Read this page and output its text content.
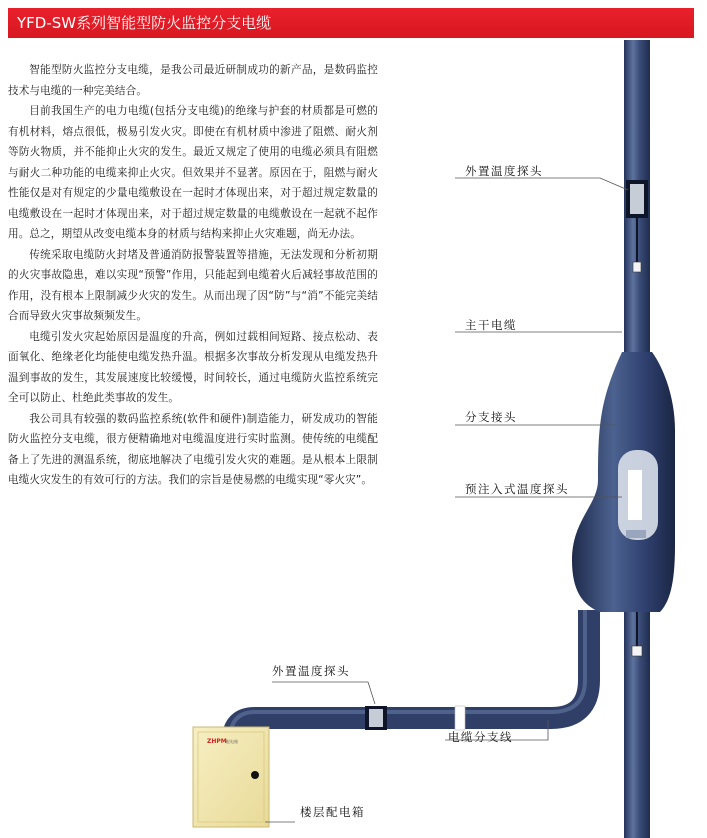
YFD-SW系列智能型防火监控分支电缆

智能型防火监控分支电缆，是我公司最近研制成功的新产品，是数码监控技术与电缆的一种完美结合。

目前我国生产的电力电缆(包括分支电缆)的绝缘与护套的材质都是可燃的有机材料，熔点很低，极易引发火灾。即使在有机材质中渗进了阻燃、耐火剂等防火物质，并不能抑止火灾的发生。最近又规定了使用的电缆必须具有阻燃与耐火二种功能的电缆来抑止火灾。但效果并不显著。原因在于，阻燃与耐火性能仅是对有规定的少量电缆敷设在一起时才体现出来，对于超过规定数量的电缆敷设在一起时才体现出来，对于超过规定数量的电缆敷设在一起就不起作用。总之，期望从改变电缆本身的材质与结构来抑止火灾难题，尚无办法。

传统采取电缆防火封堵及普通消防报警装置等措施，无法发现和分析初期的火灾事故隐患，难以实现“预警”作用，只能起到电缆着火后减轻事故范围的作用，没有根本上限制减少火灾的发生。从而出现了因“防”与“消”不能完美结合而导致火灾事故频频发生。

电缆引发火灾起始原因是温度的升高，例如过载相间短路、接点松动、表面氧化、绝缘老化均能使电缆发热升温。根据多次事故分析发现从电缆发热升温到事故的发生，其发展速度比较缓慢，时间较长，通过电缆防火监控系统完全可以防止、杜绝此类事故的发生。

我公司具有较强的数码监控系统(软件和硬件)制造能力，研发成功的智能防火监控分支电缆，很方便精确地对电缆温度进行实时监测。使传统的电缆配备上了先进的测温系统，彻底地解决了电缆引发火灾的难题。是从根本上限制电缆火灾发生的有效可行的方法。我们的宗旨是使易燃的电缆实现“零火灾”。

ZHPM 配电箱
外置温度探头
主干电缆
分支接头
预注入式温度探头
外置温度探头
电缆分支线
楼层配电箱
